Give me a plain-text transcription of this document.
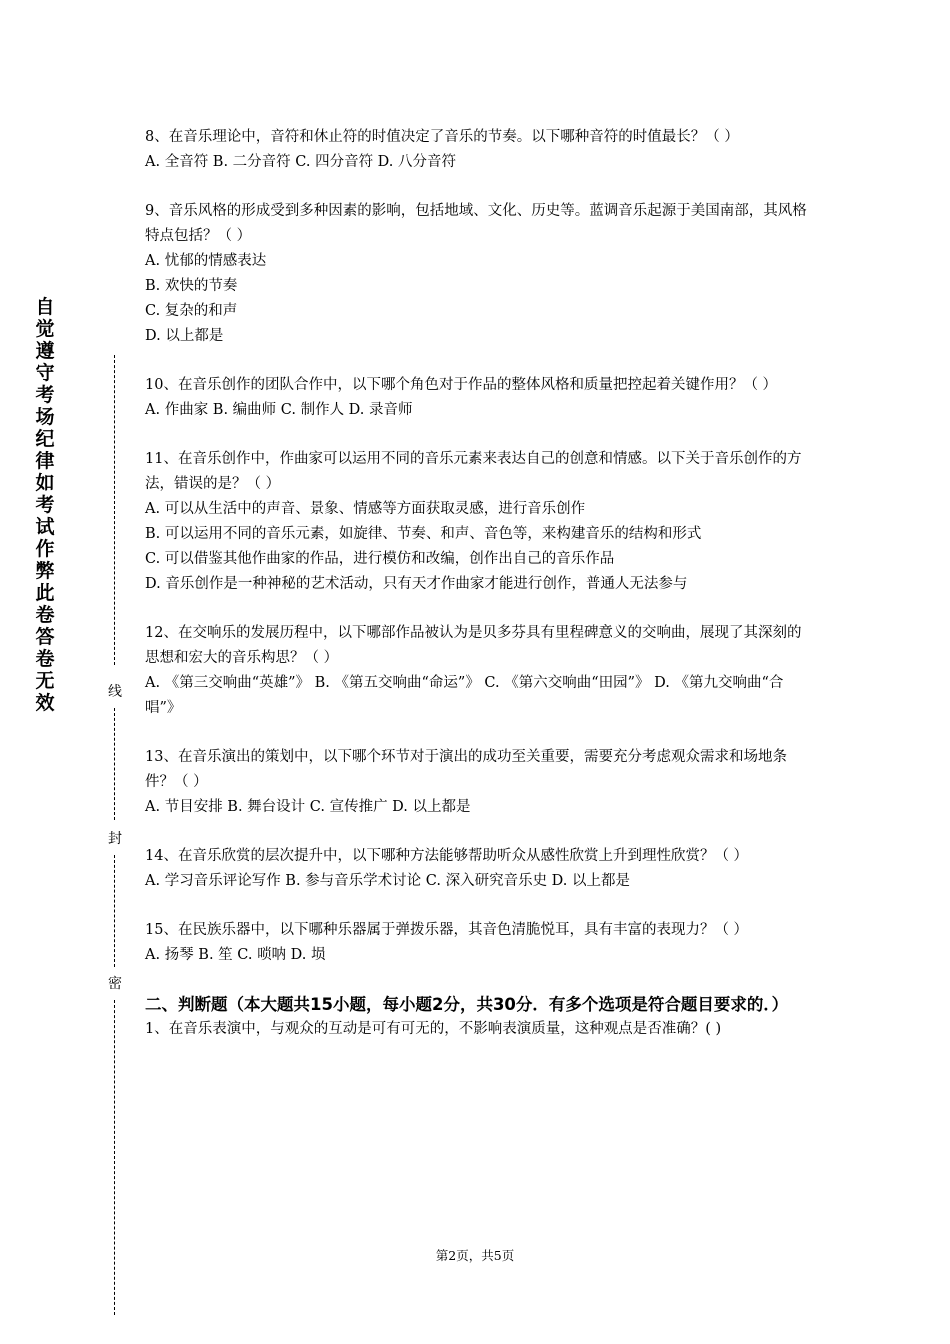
自
觉
遵
守
考
场
纪
律
如
考
试
作
弊
此
卷
答
卷
无
效	线
封
密

8、在音乐理论中，音符和休止符的时值决定了音乐的节奏。以下哪种音符的时值最长？（ ）

A. 全音符 B. 二分音符 C. 四分音符 D. 八分音符

9、音乐风格的形成受到多种因素的影响，包括地域、文化、历史等。蓝调音乐起源于美国南部，其风格特点包括？（ ）

A. 忧郁的情感表达

B. 欢快的节奏

C. 复杂的和声

D. 以上都是

10、在音乐创作的团队合作中，以下哪个角色对于作品的整体风格和质量把控起着关键作用？（ ）

A. 作曲家 B. 编曲师 C. 制作人 D. 录音师

11、在音乐创作中，作曲家可以运用不同的音乐元素来表达自己的创意和情感。以下关于音乐创作的方法，错误的是？（ ）

A. 可以从生活中的声音、景象、情感等方面获取灵感，进行音乐创作

B. 可以运用不同的音乐元素，如旋律、节奏、和声、音色等，来构建音乐的结构和形式

C. 可以借鉴其他作曲家的作品，进行模仿和改编，创作出自己的音乐作品

D. 音乐创作是一种神秘的艺术活动，只有天才作曲家才能进行创作，普通人无法参与

12、在交响乐的发展历程中，以下哪部作品被认为是贝多芬具有里程碑意义的交响曲，展现了其深刻的思想和宏大的音乐构思？（ ）

A. 《第三交响曲“英雄”》 B. 《第五交响曲“命运”》 C. 《第六交响曲“田园”》 D. 《第九交响曲“合唱”》

13、在音乐演出的策划中，以下哪个环节对于演出的成功至关重要，需要充分考虑观众需求和场地条件？（ ）

A. 节目安排 B. 舞台设计 C. 宣传推广 D. 以上都是

14、在音乐欣赏的层次提升中，以下哪种方法能够帮助听众从感性欣赏上升到理性欣赏？（ ）

A. 学习音乐评论写作 B. 参与音乐学术讨论 C. 深入研究音乐史 D. 以上都是

15、在民族乐器中，以下哪种乐器属于弹拨乐器，其音色清脆悦耳，具有丰富的表现力？（ ）

A. 扬琴 B. 笙 C. 唢呐 D. 埙

二、判断题（本大题共15小题，每小题2分，共30分．有多个选项是符合题目要求的．）

1、在音乐表演中，与观众的互动是可有可无的，不影响表演质量，这种观点是否准确？( )

第2页，共5页
